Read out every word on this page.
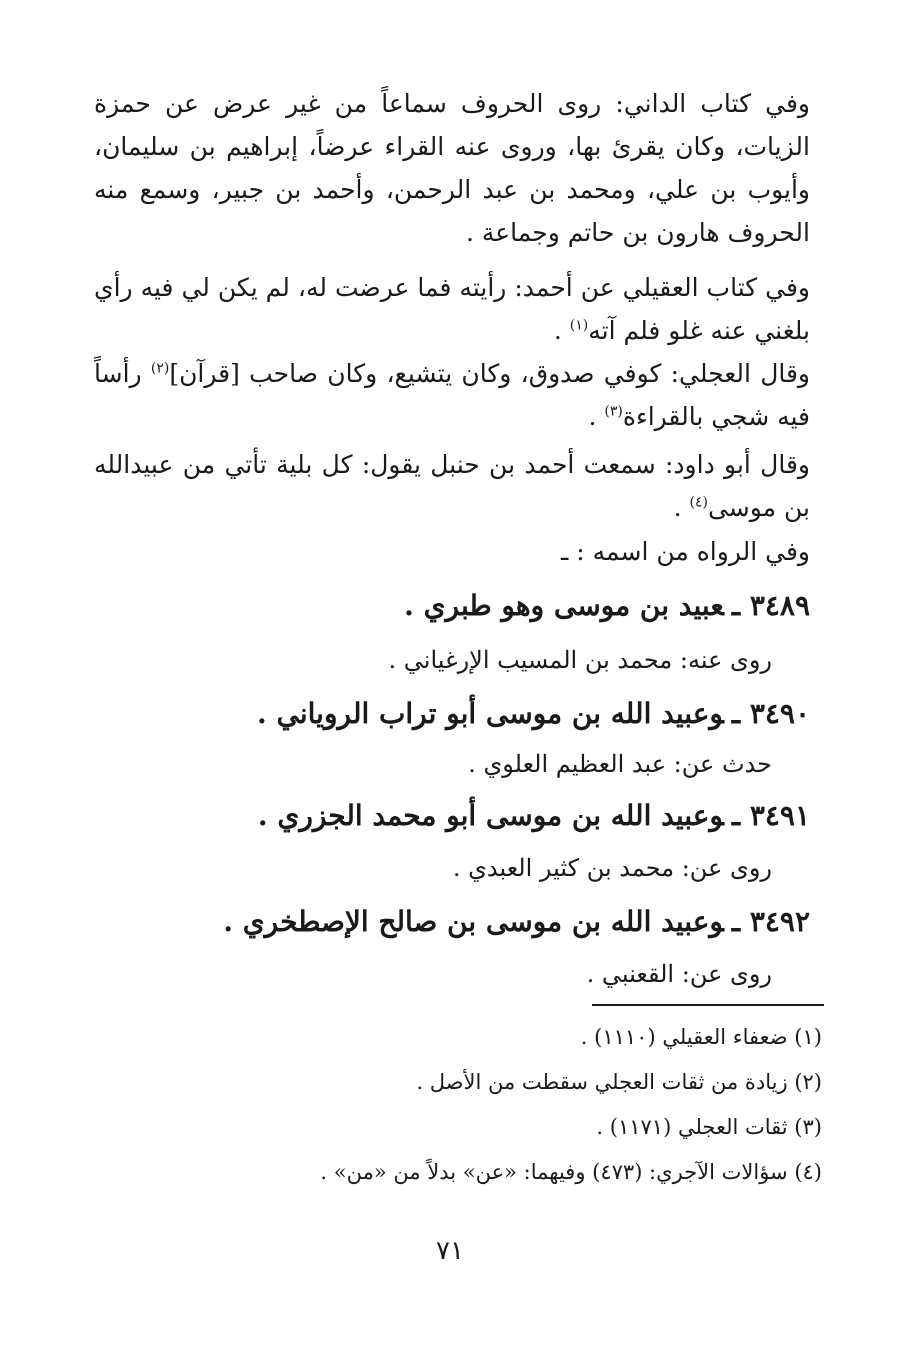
وفي كتاب الداني: روى الحروف سماعاً من غير عرض عن حمزة الزيات، وكان يقرئ بها، وروى عنه القراء عرضاً، إبراهيم بن سليمان، وأيوب بن علي، ومحمد بن عبد الرحمن، وأحمد بن جبير، وسمع منه الحروف هارون بن حاتم وجماعة .

وفي كتاب العقيلي عن أحمد: رأيته فما عرضت له، لم يكن لي فيه رأي بلغني عنه غلو فلم آته$^{(١)}$ .

وقال العجلي: كوفي صدوق، وكان يتشيع، وكان صاحب [قرآن]$^{(٢)}$ رأساً فيه شجي بالقراءة$^{(٣)}$ .

وقال أبو داود: سمعت أحمد بن حنبل يقول: كل بلية تأتي من عبيدالله بن موسى$^{(٤)}$ .

وفي الرواه من اسمه : ـ

٣٤٨٩ ـعبيد بن موسى وهو طبري .
روى عنه: محمد بن المسيب الإرغياني .
٣٤٩٠ ـوعبيد الله بن موسى أبو تراب الروياني .
حدث عن: عبد العظيم العلوي .
٣٤٩١ ـوعبيد الله بن موسى أبو محمد الجزري .
روى عن: محمد بن كثير العبدي .
٣٤٩٢ ـوعبيد الله بن موسى بن صالح الإصطخري .
روى عن: القعنبي .
(١) ضعفاء العقيلي (١١١٠) .
(٢) زيادة من ثقات العجلي سقطت من الأصل .
(٣) ثقات العجلي (١١٧١) .
(٤) سؤالات الآجري: (٤٧٣) وفيهما: «عن» بدلاً من «من» .
٧١
